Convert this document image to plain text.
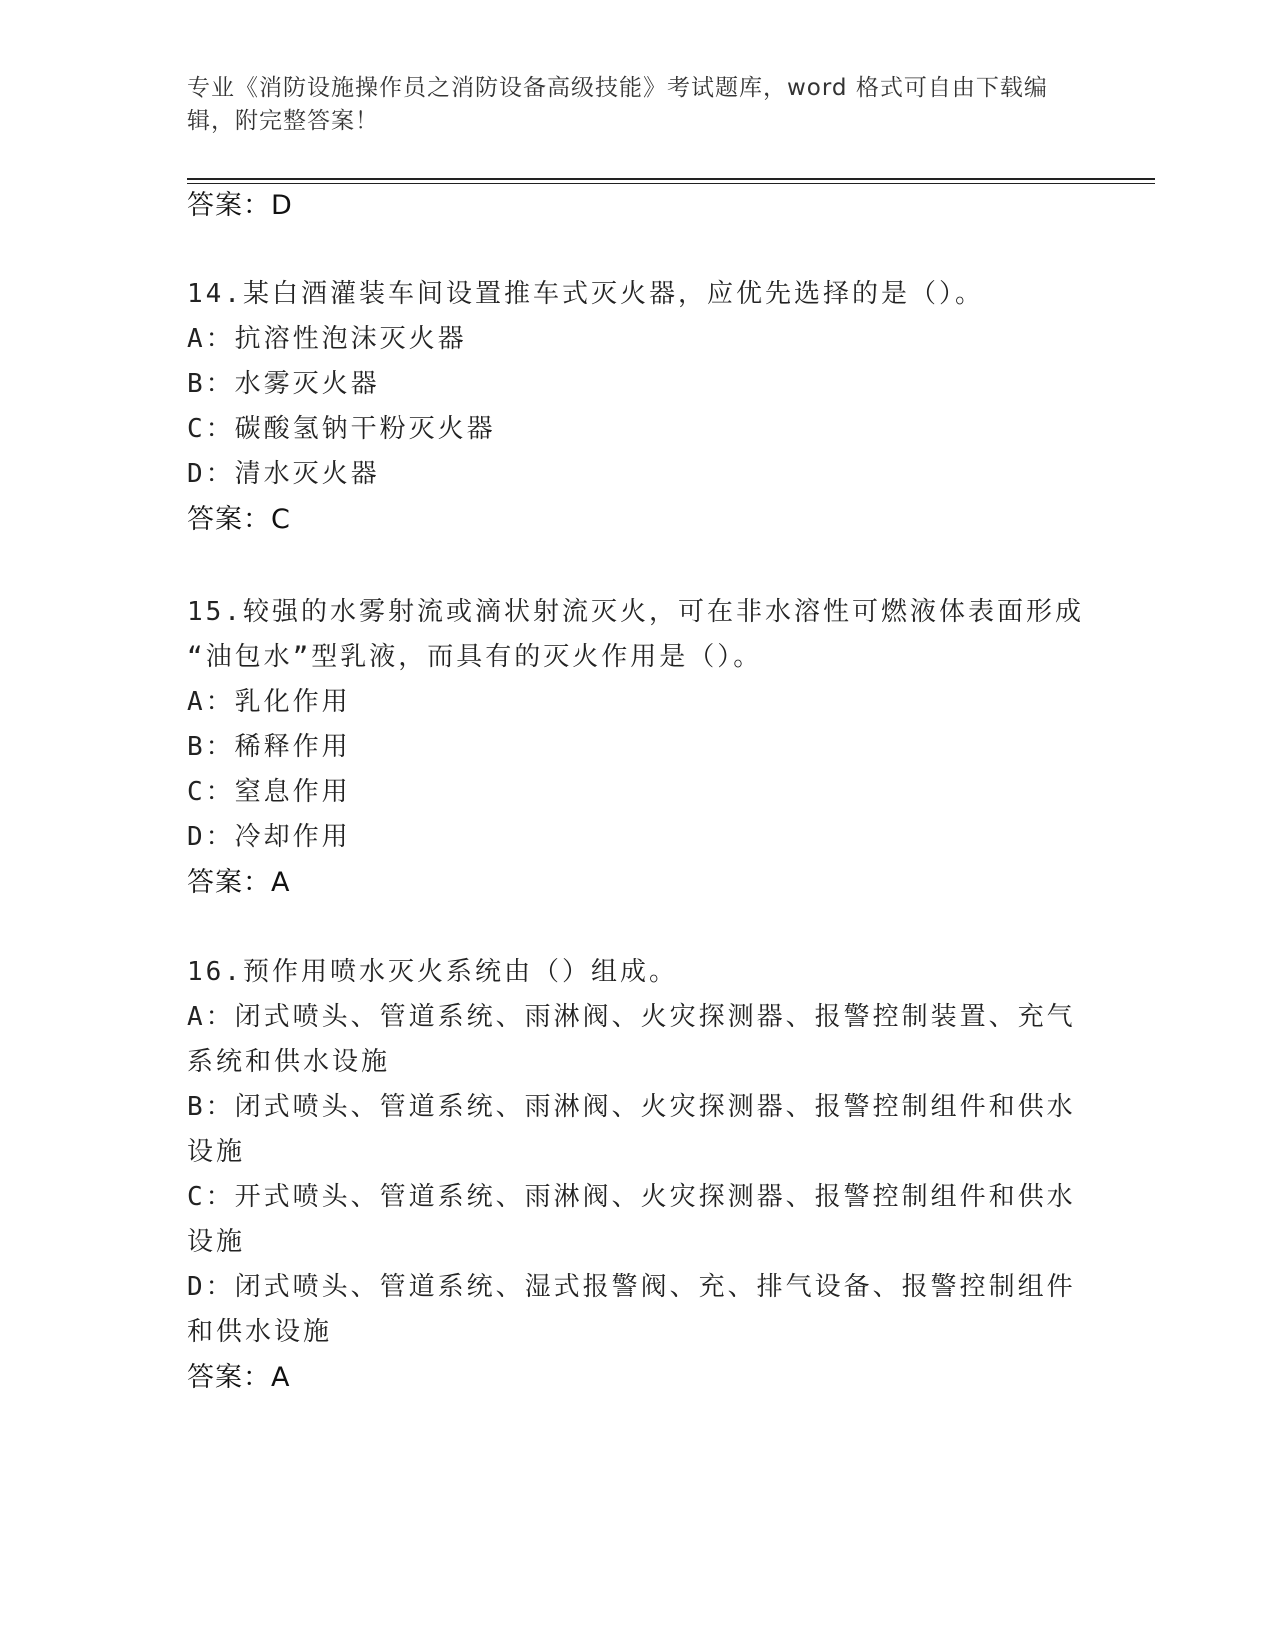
专业《消防设施操作员之消防设备高级技能》考试题库，word 格式可自由下载编
辑，附完整答案！
答案：D
14.某白酒灌装车间设置推车式灭火器，应优先选择的是（）。
A：抗溶性泡沫灭火器
B：水雾灭火器
C：碳酸氢钠干粉灭火器
D：清水灭火器
答案：C
15.较强的水雾射流或滴状射流灭火，可在非水溶性可燃液体表面形成
“油包水”型乳液，而具有的灭火作用是（）。
A：乳化作用
B：稀释作用
C：窒息作用
D：冷却作用
答案：A
16.预作用喷水灭火系统由（）组成。
A：闭式喷头、管道系统、雨淋阀、火灾探测器、报警控制装置、充气
系统和供水设施
B：闭式喷头、管道系统、雨淋阀、火灾探测器、报警控制组件和供水
设施
C：开式喷头、管道系统、雨淋阀、火灾探测器、报警控制组件和供水
设施
D：闭式喷头、管道系统、湿式报警阀、充、排气设备、报警控制组件
和供水设施
答案：A
